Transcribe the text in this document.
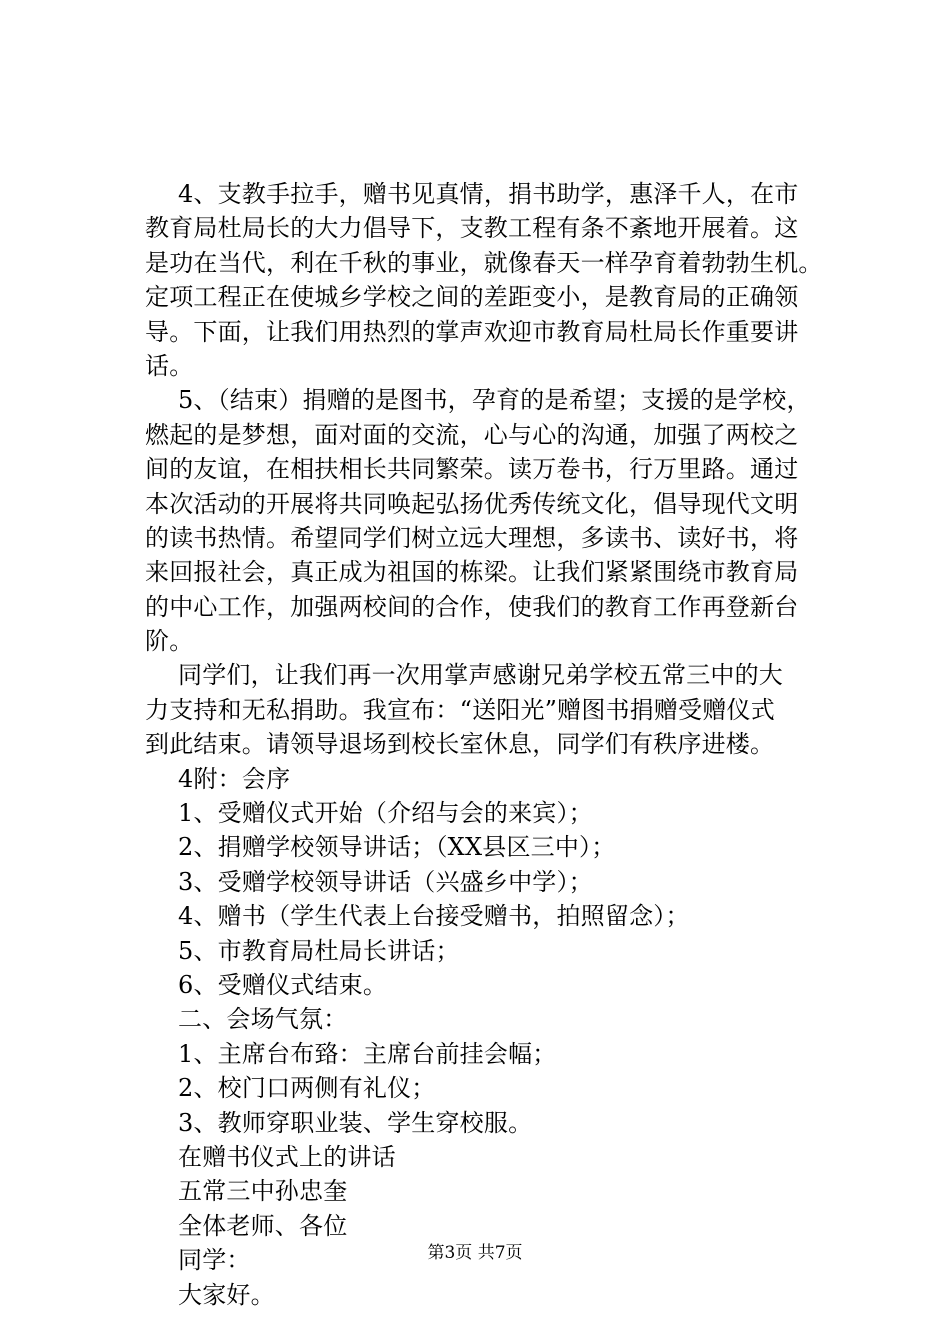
4、支教手拉手，赠书见真情，捐书助学，惠泽千人，在市
教育局杜局长的大力倡导下，支教工程有条不紊地开展着。这
是功在当代，利在千秋的事业，就像春天一样孕育着勃勃生机。
定项工程正在使城乡学校之间的差距变小，是教育局的正确领
导。下面，让我们用热烈的掌声欢迎市教育局杜局长作重要讲
话。
5、（结束）捐赠的是图书，孕育的是希望；支援的是学校，
燃起的是梦想，面对面的交流，心与心的沟通，加强了两校之
间的友谊，在相扶相长共同繁荣。读万卷书，行万里路。通过
本次活动的开展将共同唤起弘扬优秀传统文化，倡导现代文明
的读书热情。希望同学们树立远大理想，多读书、读好书，将
来回报社会，真正成为祖国的栋梁。让我们紧紧围绕市教育局
的中心工作，加强两校间的合作，使我们的教育工作再登新台
阶。
同学们，让我们再一次用掌声感谢兄弟学校五常三中的大
力支持和无私捐助。我宣布：“送阳光”赠图书捐赠受赠仪式
到此结束。请领导退场到校长室休息，同学们有秩序进楼。
4附：会序
1、受赠仪式开始（介绍与会的来宾）；
2、捐赠学校领导讲话；（XX县区三中）；
3、受赠学校领导讲话（兴盛乡中学）；
4、赠书（学生代表上台接受赠书，拍照留念）；
5、市教育局杜局长讲话；
6、受赠仪式结束。
二、会场气氛：
1、主席台布臵：主席台前挂会幅；
2、校门口两侧有礼仪；
3、教师穿职业装、学生穿校服。
在赠书仪式上的讲话
五常三中孙忠奎
全体老师、各位
同学：
大家好。
第3页 共7页
